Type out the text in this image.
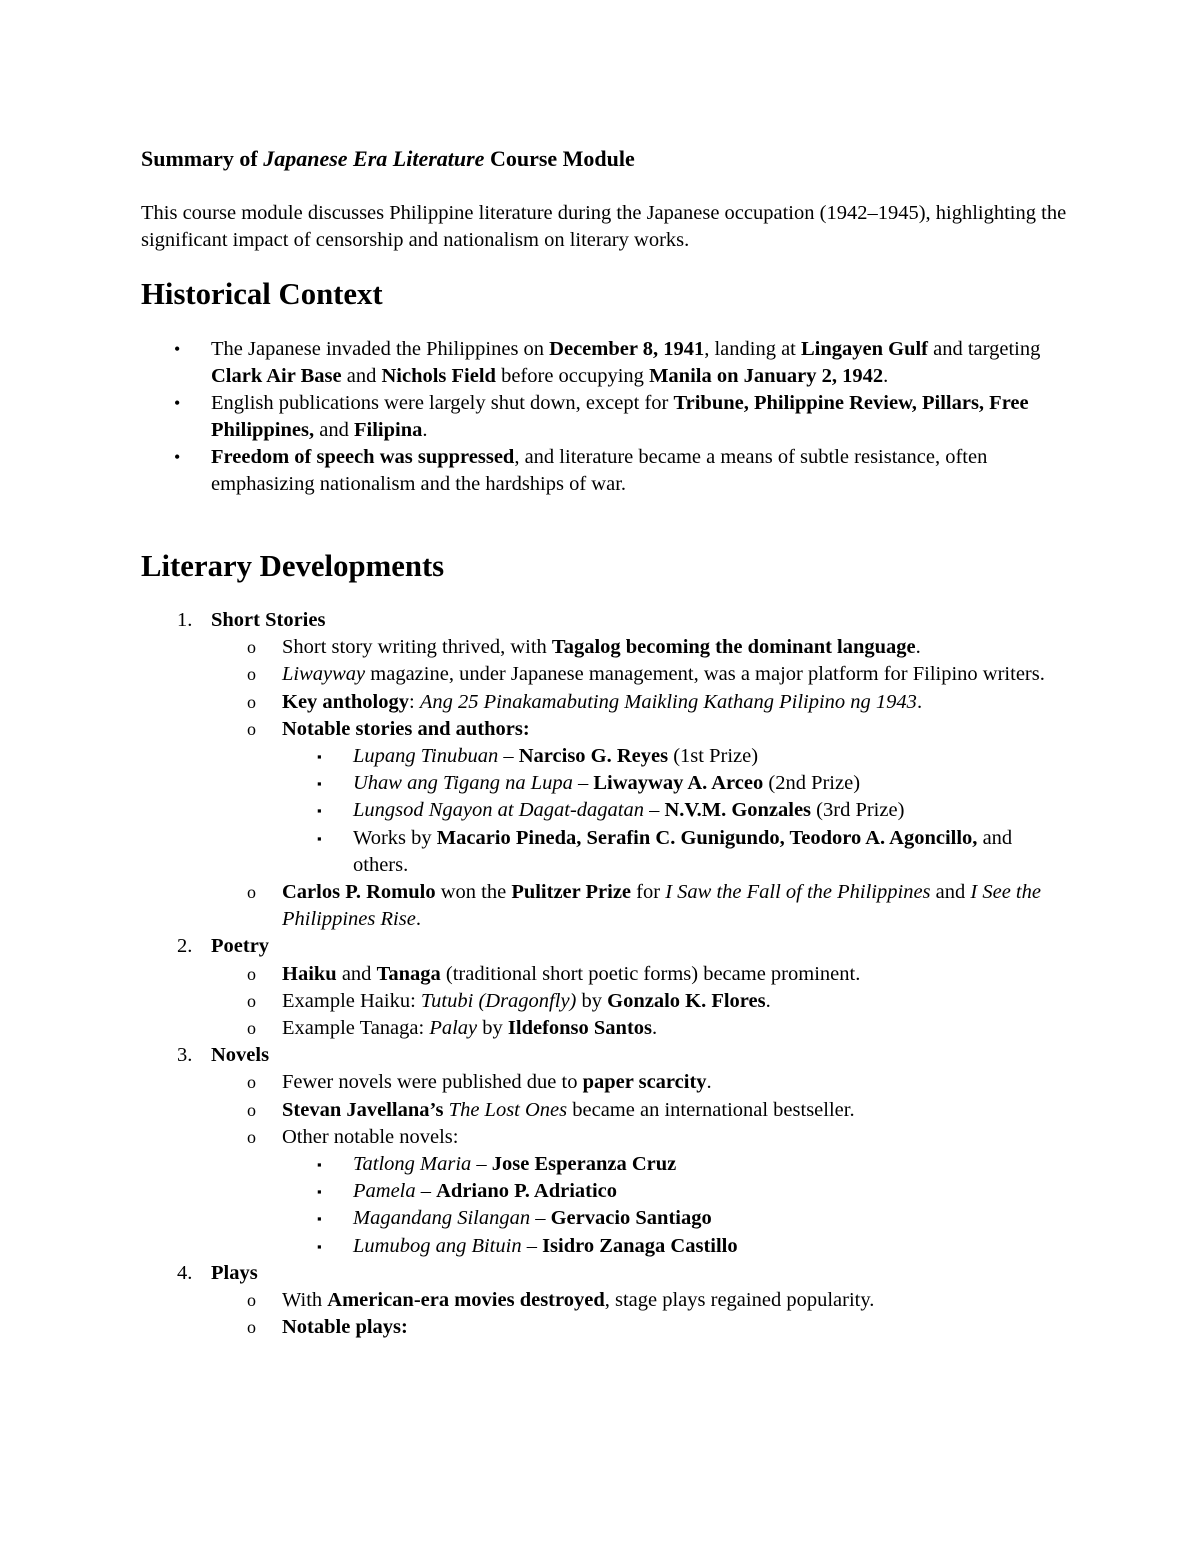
Summary of Japanese Era Literature Course Module

This course module discusses Philippine literature during the Japanese occupation (1942–1945), highlighting the significant impact of censorship and nationalism on literary works.

Historical Context
• The Japanese invaded the Philippines on December 8, 1941, landing at Lingayen Gulf and targeting Clark Air Base and Nichols Field before occupying Manila on January 2, 1942.
• English publications were largely shut down, except for Tribune, Philippine Review, Pillars, Free Philippines, and Filipina.
• Freedom of speech was suppressed, and literature became a means of subtle resistance, often emphasizing nationalism and the hardships of war.
Literary Developments
1. Short Stories
o Short story writing thrived, with Tagalog becoming the dominant language.
o Liwayway magazine, under Japanese management, was a major platform for Filipino writers.
o Key anthology: Ang 25 Pinakamabuting Maikling Kathang Pilipino ng 1943.
o Notable stories and authors:
▪ Lupang Tinubuan – Narciso G. Reyes (1st Prize)
▪ Uhaw ang Tigang na Lupa – Liwayway A. Arceo (2nd Prize)
▪ Lungsod Ngayon at Dagat-dagatan – N.V.M. Gonzales (3rd Prize)
▪ Works by Macario Pineda, Serafin C. Gunigundo, Teodoro A. Agoncillo, and others.
o Carlos P. Romulo won the Pulitzer Prize for I Saw the Fall of the Philippines and I See the Philippines Rise.
2. Poetry
o Haiku and Tanaga (traditional short poetic forms) became prominent.
o Example Haiku: Tutubi (Dragonfly) by Gonzalo K. Flores.
o Example Tanaga: Palay by Ildefonso Santos.
3. Novels
o Fewer novels were published due to paper scarcity.
o Stevan Javellana’s The Lost Ones became an international bestseller.
o Other notable novels:
▪ Tatlong Maria – Jose Esperanza Cruz
▪ Pamela – Adriano P. Adriatico
▪ Magandang Silangan – Gervacio Santiago
▪ Lumubog ang Bituin – Isidro Zanaga Castillo
4. Plays
o With American-era movies destroyed, stage plays regained popularity.
o Notable plays:
